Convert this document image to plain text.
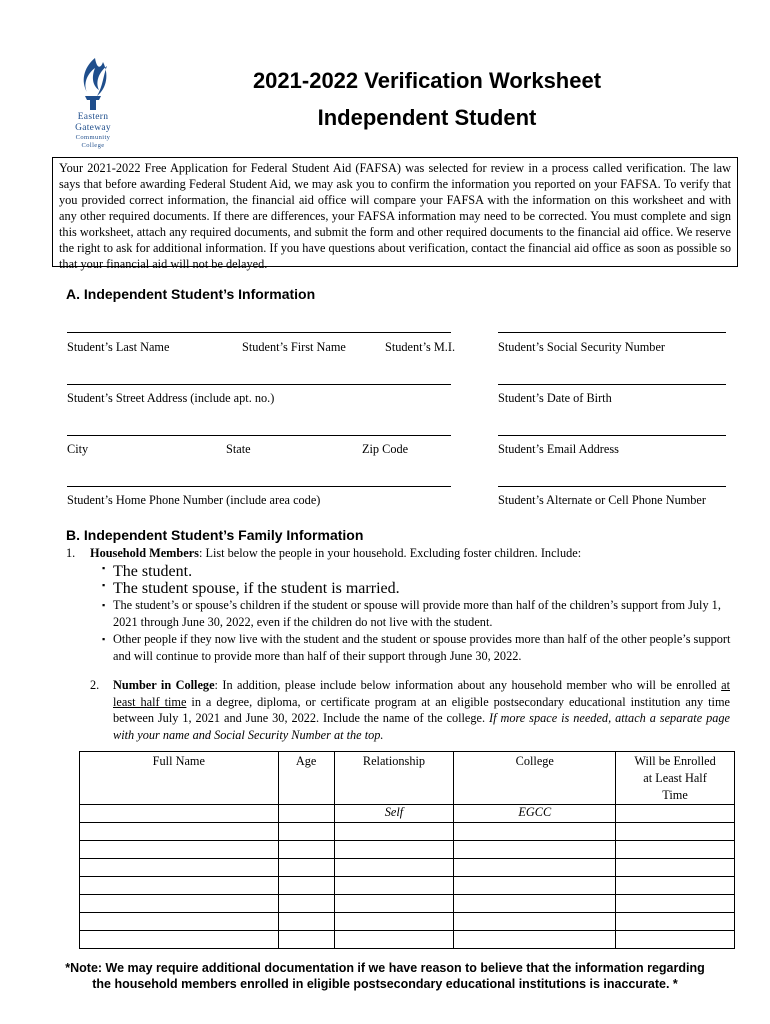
Eastern
Gateway
Community
College
2021-2022 Verification Worksheet
Independent Student
Your 2021-2022 Free Application for Federal Student Aid (FAFSA) was selected for review in a process called verification. The law says that before awarding Federal Student Aid, we may ask you to confirm the information you reported on your FAFSA. To verify that you provided correct information, the financial aid office will compare your FAFSA with the information on this worksheet and with any other required documents. If there are differences, your FAFSA information may need to be corrected. You must complete and sign this worksheet, attach any required documents, and submit the form and other required documents to the financial aid office. We reserve the right to ask for additional information. If you have questions about verification, contact the financial aid office as soon as possible so that your financial aid will not be delayed.
A. Independent Student’s Information
Student’s Last Name	Student’s First Name	Student’s M.I.	Student’s Social Security Number
Student’s Street Address (include apt. no.)	Student’s Date of Birth
City	State	Zip Code	Student’s Email Address
Student’s Home Phone Number (include area code)	Student’s Alternate or Cell Phone Number
B. Independent Student’s Family Information
1.	Household Members: List below the people in your household. Excluding foster children. Include:
▪ The student.
▪ The student spouse, if the student is married.
▪ The student’s or spouse’s children if the student or spouse will provide more than half of the children’s support from July 1, 2021 through June 30, 2022, even if the children do not live with the student.
▪ Other people if they now live with the student and the student or spouse provides more than half of the other people’s support and will continue to provide more than half of their support through June 30, 2022.
2.	Number in College: In addition, please include below information about any household member who will be enrolled at least half time in a degree, diploma, or certificate program at an eligible postsecondary educational institution any time between July 1, 2021 and June 30, 2022. Include the name of the college. If more space is needed, attach a separate page with your name and Social Security Number at the top.
Full Name	Age	Relationship	College	Will be Enrolled
at Least Half
Time

		Self	EGCC	

*Note: We may require additional documentation if we have reason to believe that the information regarding
the household members enrolled in eligible postsecondary educational institutions is inaccurate. *
